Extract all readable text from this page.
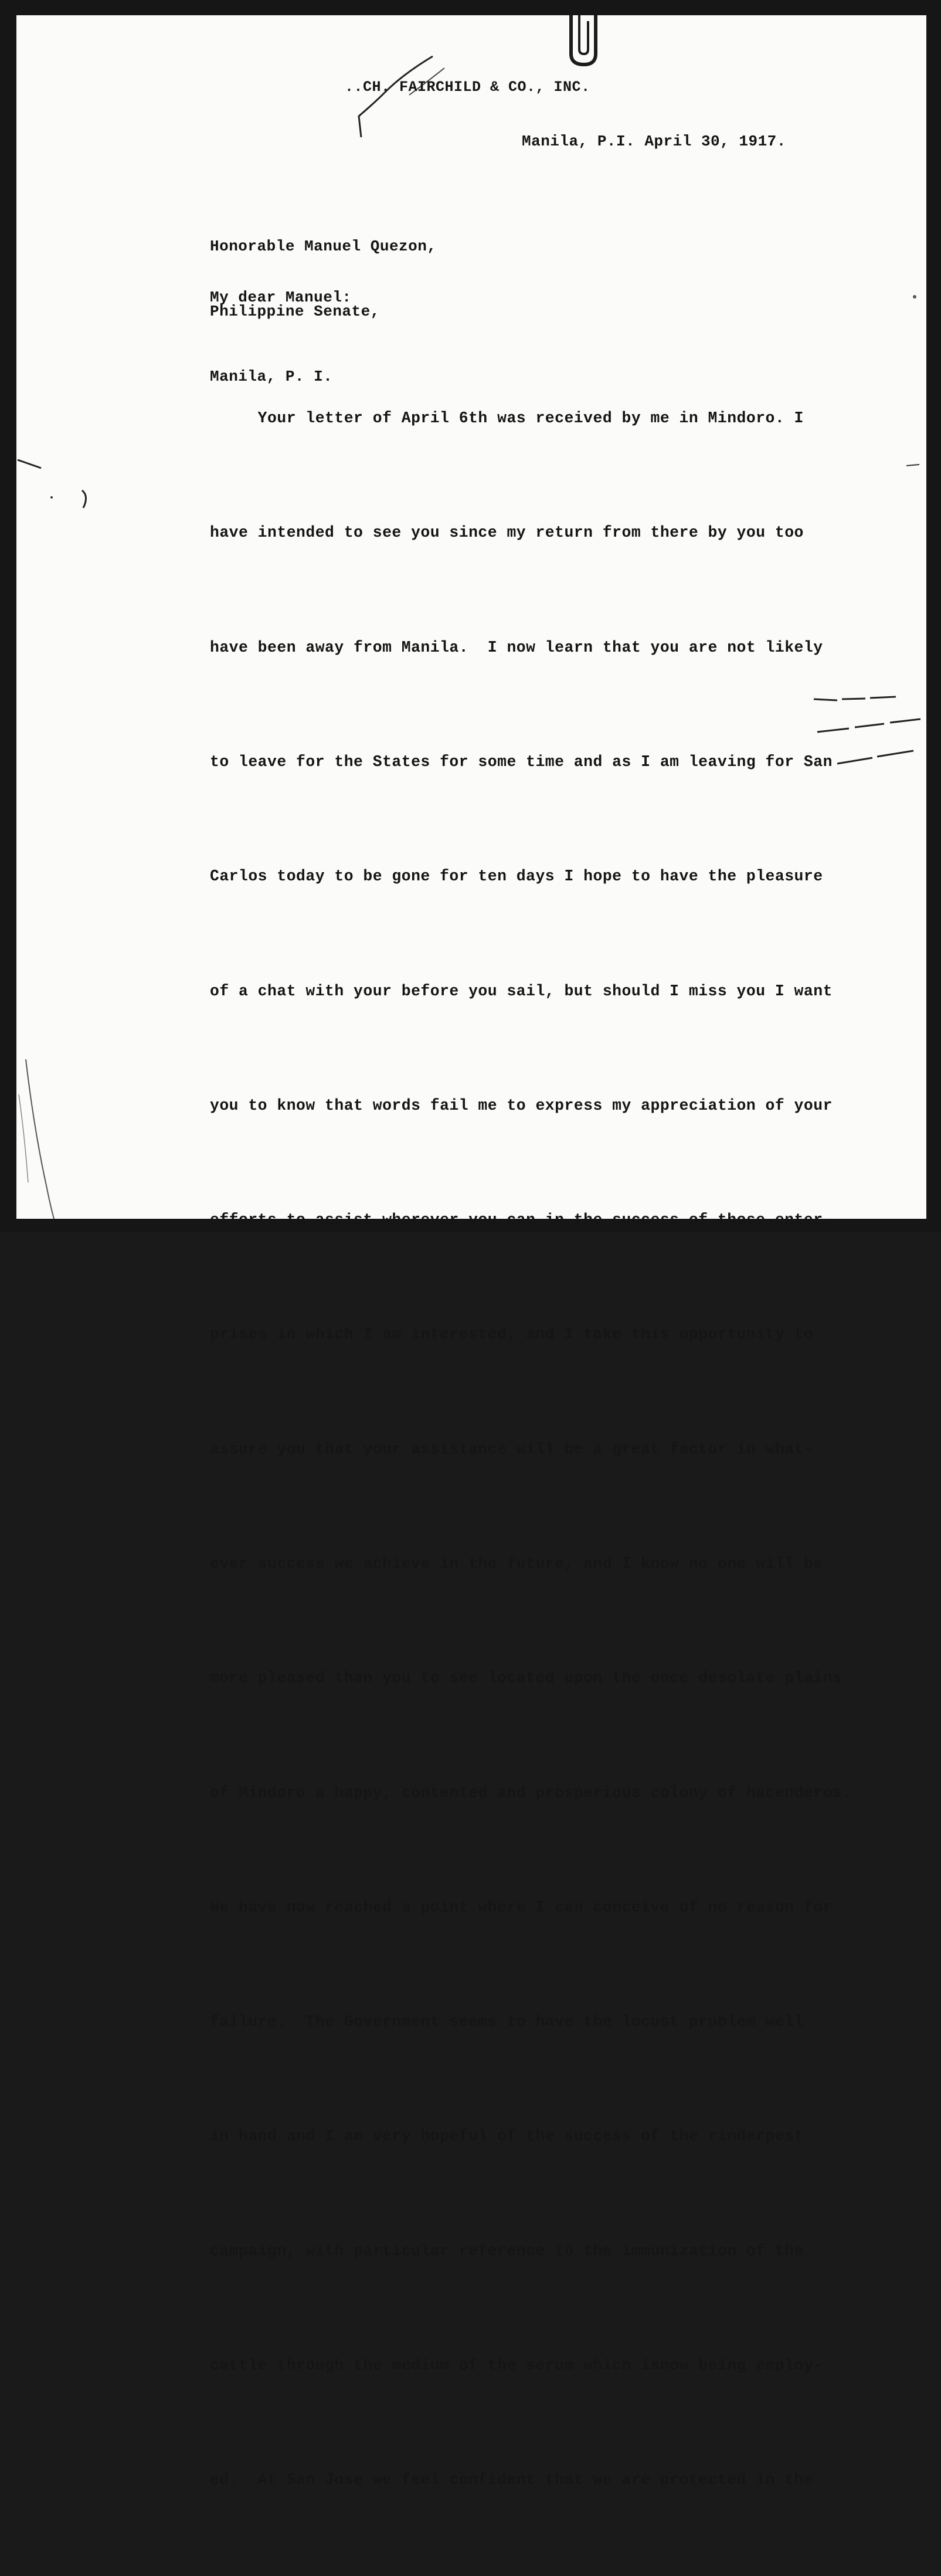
..CH. FAIRCHILD & CO., INC.
Manila, P.I. April 30, 1917.

Honorable Manuel Quezon,

Philippine Senate,

Manila, P. I.

My dear Manuel:

Your letter of April 6th was received by me in Mindoro. I

have intended to see you since my return from there by you too

have been away from Manila.  I now learn that you are not likely

to leave for the States for some time and as I am leaving for San

Carlos today to be gone for ten days I hope to have the pleasure

of a chat with your before you sail, but should I miss you I want

you to know that words fail me to express my appreciation of your

efforts to assist wherever you can in the success of those enter-

prises in which I am interested, and I take this opportunity to

assure you that your assistance will be a great factor in what-

ever success we achieve in the future, and I know no one will be

more pleased than you to see located upon the once desolate plains

of Mindoro a happy, contented and prosperious colony of hacenderos.

We have now reached a point where I can conceive of no reason for

failure.  The Government seems to have the locust problem well

in hand and I am very hopeful of the success of the rinderpest

campaign, with particular reference to the immunization of the

cattle through the medium of the serum which isnow being employ-

ed.  At San Jose we feel confident that we are protected in the
